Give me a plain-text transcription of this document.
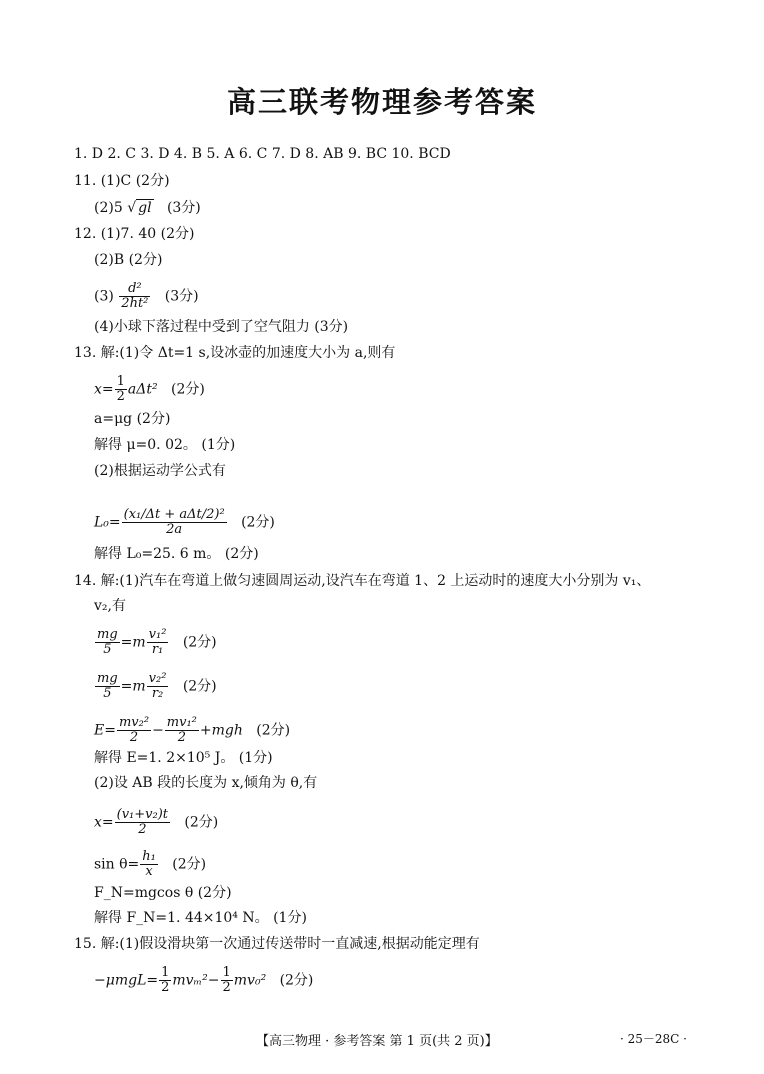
高三联考物理参考答案
1. D 2. C 3. D 4. B 5. A 6. C 7. D 8. AB 9. BC 10. BCD
11. (1)C (2分)
(2)5 √ gl (3分)
12. (1)7. 40 (2分)
(2)B (2分)
$(3) \frac{\text{d²}}{\text{2ht²}} (3$分)
(4)小球下落过程中受到了空气阻力 (3分)
13. 解:(1)令 Δt=1 s,设冰壶的加速度大小为 a,则有
$x= \frac{1}{2} a\Delta t^2$ (2分)
a=μg (2分)
解得 μ=0. 02。 (1分)
(2)根据运动学公式有
$L_0= \frac{\text{(x₁/Δt + aΔt/2)²}}{2a} (2$分)
解得 L₀=25. 6 m。 (2分)
14. 解:(1)汽车在弯道上做匀速圆周运动,设汽车在弯道 1、2 上运动时的速度大小分别为 v₁、
v₂,有
$\frac{mg}{5} =m \frac{\text{v₁²}}{\text{r₁}} (2$分)
$\frac{mg}{5} =m \frac{\text{v₂²}}{\text{r₂}} (2$分)
$E= \frac{\text{mv₂²}}{2} - \frac{\text{mv₁²}}{2} +mgh$ (2分)
解得 E=1. 2×10⁵ J。 (1分)
(2)设 AB 段的长度为 x,倾角为 θ,有
$x= \frac{\text{(v₁+v₂)t}}{2} (2$分)
$\sin \theta= \frac{\text{h₁}}{x} (2$分)
F_N=mgcos θ (2分)
解得 F_N=1. 44×10⁴ N。 (1分)
15. 解:(1)假设滑块第一次通过传送带时一直减速,根据动能定理有
$-\mu mgL= \frac{1}{2} mv_m^2- \frac{1}{2} mv_0^2$ (2分)
【高三物理 · 参考答案 第 1 页(共 2 页)】	· 25－28C ·
